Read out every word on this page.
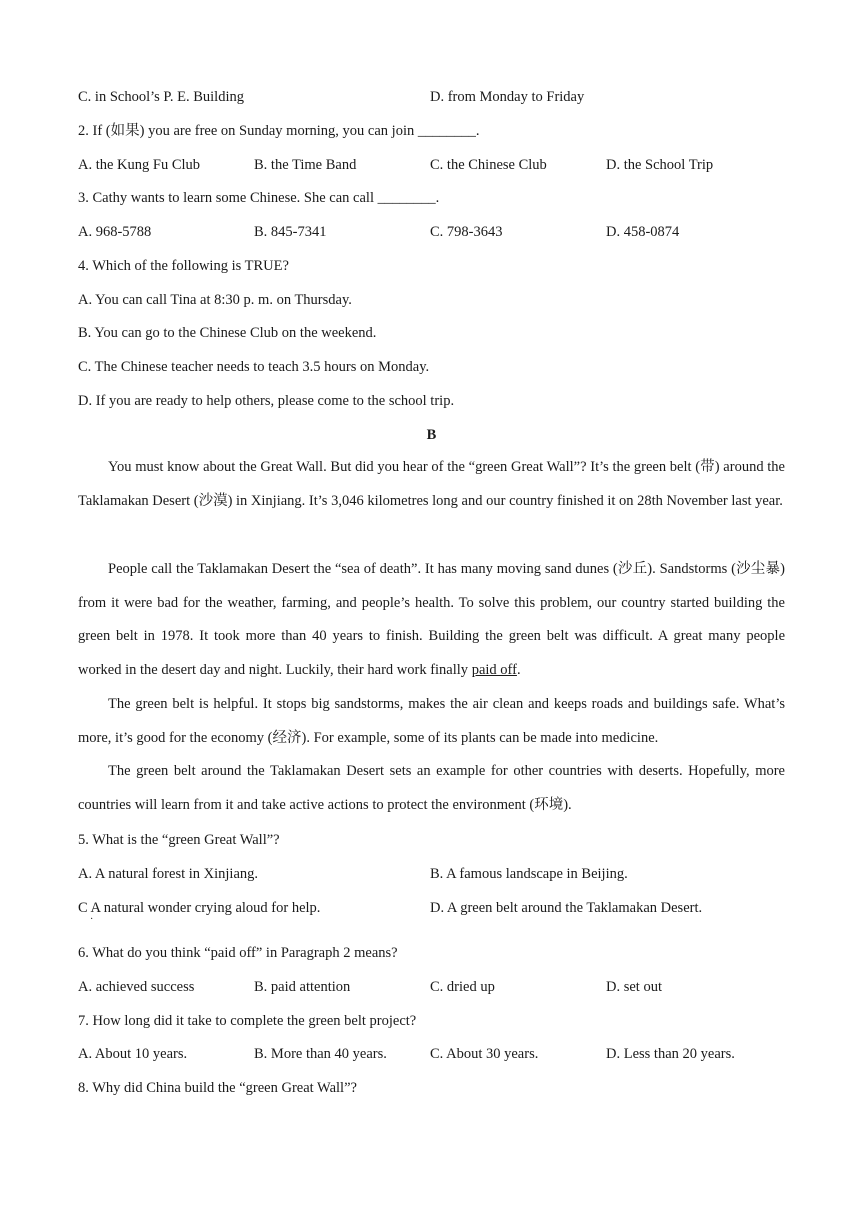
C. in School’s P. E. Building	D. from Monday to Friday
2. If (如果) you are free on Sunday morning, you can join ________.
A. the Kung Fu Club	B. the Time Band	C. the Chinese Club	D. the School Trip
3. Cathy wants to learn some Chinese. She can call ________.
A. 968-5788	B. 845-7341	C. 798-3643	D. 458-0874
4. Which of the following is TRUE?
A. You can call Tina at 8:30 p. m. on Thursday.
B. You can go to the Chinese Club on the weekend.
C. The Chinese teacher needs to teach 3.5 hours on Monday.
D. If you are ready to help others, please come to the school trip.
B

You must know about the Great Wall. But did you hear of the “green Great Wall”? It’s the green belt (带) around the Taklamakan Desert (沙漠) in Xinjiang. It’s 3,046 kilometres long and our country finished it on 28th November last year.

People call the Taklamakan Desert the “sea of death”. It has many moving sand dunes (沙丘). Sandstorms (沙尘暴) from it were bad for the weather, farming, and people’s health. To solve this problem, our country started building the green belt in 1978. It took more than 40 years to finish. Building the green belt was difficult. A great many people worked in the desert day and night. Luckily, their hard work finally paid off.

The green belt is helpful. It stops big sandstorms, makes the air clean and keeps roads and buildings safe. What’s more, it’s good for the economy (经济). For example, some of its plants can be made into medicine.

The green belt around the Taklamakan Desert sets an example for other countries with deserts. Hopefully, more countries will learn from it and take active actions to protect the environment (环境).

5. What is the “green Great Wall”?
A. A natural forest in Xinjiang.	B. A famous landscape in Beijing.
C A natural wonder crying aloud for help.
·
D. A green belt around the Taklamakan Desert.
6. What do you think “paid off” in Paragraph 2 means?
A. achieved success	B. paid attention	C. dried up	D. set out
7. How long did it take to complete the green belt project?
A. About 10 years.	B. More than 40 years.	C. About 30 years.	D. Less than 20 years.
8. Why did China build the “green Great Wall”?
